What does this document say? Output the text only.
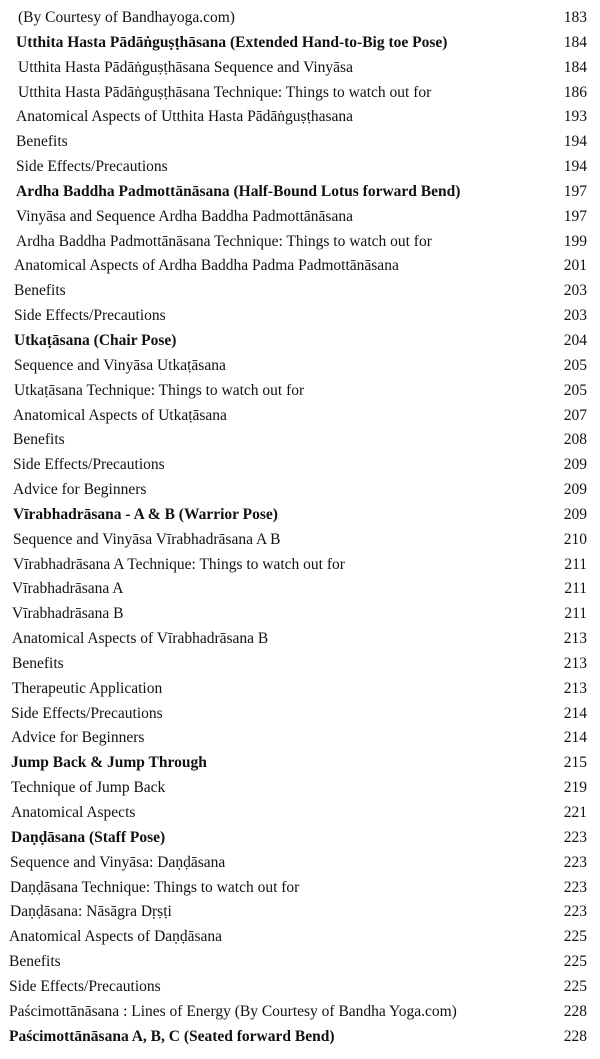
(By Courtesy of Bandhayoga.com)	183
Utthita Hasta Pādāṅguṣṭhāsana (Extended Hand-to-Big toe Pose)	184
Utthita Hasta Pādāṅguṣṭhāsana Sequence and Vinyāsa	184
Utthita Hasta Pādāṅguṣṭhāsana Technique: Things to watch out for	186
Anatomical Aspects of Utthita Hasta Pādāṅguṣṭhasana	193
Benefits	194
Side Effects/Precautions	194
Ardha Baddha Padmottānāsana (Half-Bound Lotus forward Bend)	197
Vinyāsa and Sequence Ardha Baddha Padmottānāsana	197
Ardha Baddha Padmottānāsana Technique: Things to watch out for	199
Anatomical Aspects of Ardha Baddha Padma Padmottānāsana	201
Benefits	203
Side Effects/Precautions	203
Utkaṭāsana (Chair Pose)	204
Sequence and Vinyāsa Utkaṭāsana	205
Utkaṭāsana Technique: Things to watch out for	205
Anatomical Aspects of Utkaṭāsana	207
Benefits	208
Side Effects/Precautions	209
Advice for Beginners	209
Vīrabhadrāsana - A & B (Warrior Pose)	209
Sequence and Vinyāsa Vīrabhadrāsana A B	210
Vīrabhadrāsana A Technique: Things to watch out for	211
Vīrabhadrāsana A	211
Vīrabhadrāsana B	211
Anatomical Aspects of Vīrabhadrāsana B	213
Benefits	213
Therapeutic Application	213
Side Effects/Precautions	214
Advice for Beginners	214
Jump Back & Jump Through	215
Technique of Jump Back	219
Anatomical Aspects	221
Daṇḍāsana (Staff Pose)	223
Sequence and Vinyāsa: Daṇḍāsana	223
Daṇḍāsana Technique: Things to watch out for	223
Daṇḍāsana: Nāsāgra Dṛṣṭi	223
Anatomical Aspects of Daṇḍāsana	225
Benefits	225
Side Effects/Precautions	225
Paścimottānāsana : Lines of Energy (By Courtesy of Bandha Yoga.com)	228
Paścimottānāsana A, B, C (Seated forward Bend)	228
